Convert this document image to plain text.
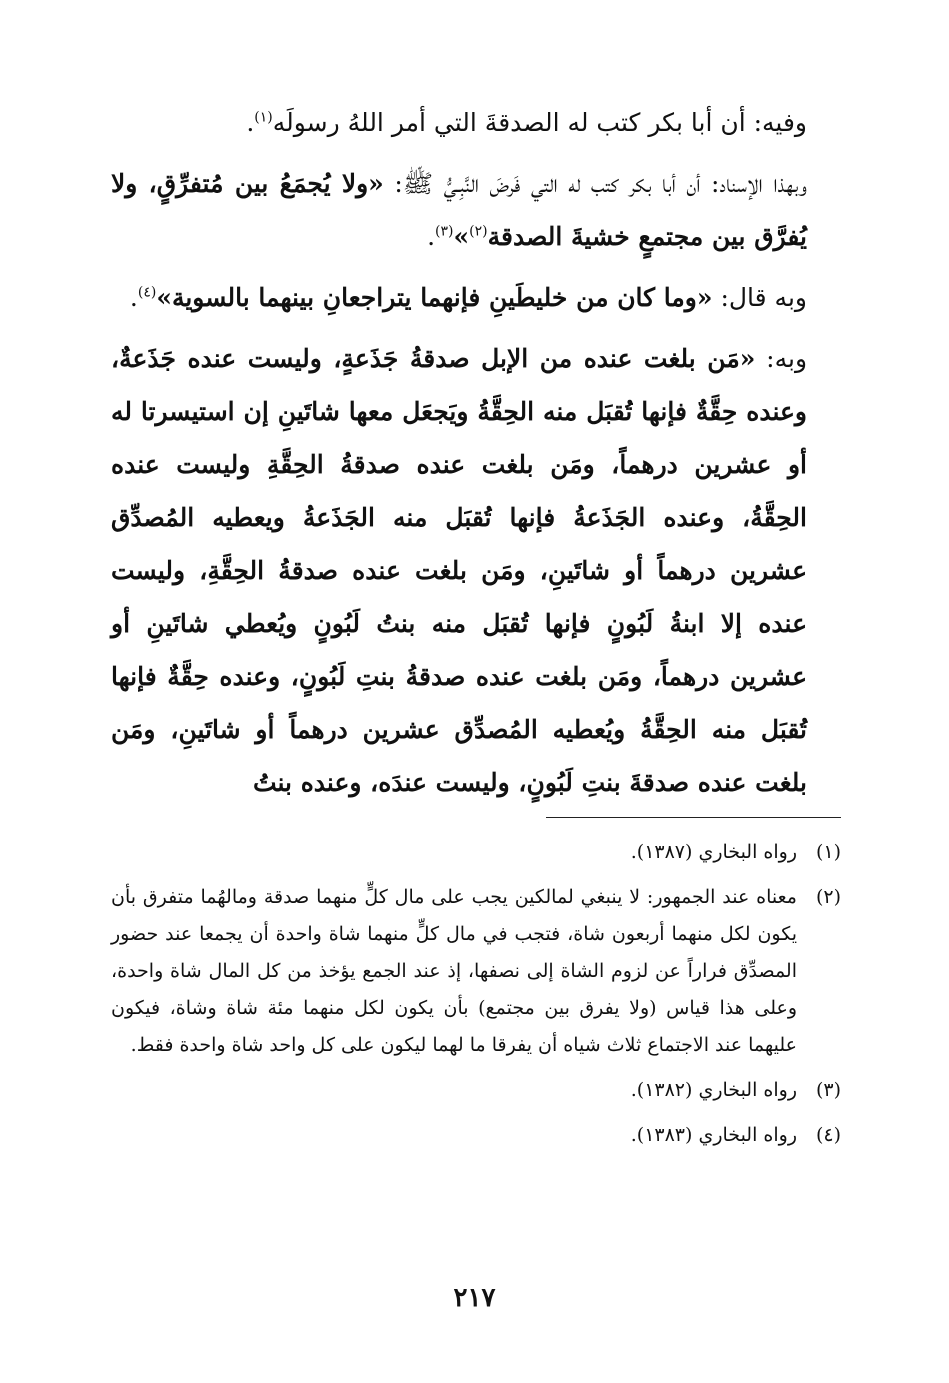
وفيه: أن أبا بكر كتب له الصدقةَ التي أمر اللهُ رسولَه$^{(١)}$.

وبهذا الإسناد: أن أبا بكر كتب له التي فَرضَ النَّبِـيُّ ﷺ: «ولا يُجمَعُ بين مُتفرِّقٍ، ولا يُفرَّق بين مجتمعٍ خشيةَ الصدقة$^{(٢)}$»$^{(٣)}$.

وبه قال: «وما كان من خليطَينِ فإنهما يتراجعانِ بينهما بالسوية»$^{(٤)}$.

وبه: «مَن بلغت عنده من الإبل صدقةُ جَذَعةٍ، وليست عنده جَذَعةٌ، وعنده حِقَّةٌ فإنها تُقبَل منه الحِقَّةُ ويَجعَل معها شاتَينِ إن استيسرتا له أو عشرين درهماً، ومَن بلغت عنده صدقةُ الحِقَّةِ وليست عنده الحِقَّةُ، وعنده الجَذَعةُ فإنها تُقبَل منه الجَذَعةُ ويعطيه المُصدِّق عشرين درهماً أو شاتَينِ، ومَن بلغت عنده صدقةُ الحِقَّةِ، وليست عنده إلا ابنةُ لَبُونٍ فإنها تُقبَل منه بنتُ لَبُونٍ ويُعطي شاتَينِ أو عشرين درهماً، ومَن بلغت عنده صدقةُ بنتِ لَبُونٍ، وعنده حِقَّةٌ فإنها تُقبَل منه الحِقَّةُ ويُعطيه المُصدِّق عشرين درهماً أو شاتَينِ، ومَن بلغت عنده صدقةَ بنتِ لَبُونٍ، وليست عندَه، وعنده بنتُ

(١)
رواه البخاري (١٣٨٧).
(٢)
معناه عند الجمهور: لا ينبغي لمالكين يجب على مال كلٍّ منهما صدقة ومالهُما متفرق بأن يكون لكل منهما أربعون شاة، فتجب في مال كلٍّ منهما شاة واحدة أن يجمعا عند حضور المصدِّق فراراً عن لزوم الشاة إلى نصفها، إذ عند الجمع يؤخذ من كل المال شاة واحدة، وعلى هذا قياس (ولا يفرق بين مجتمع) بأن يكون لكل منهما مئة شاة وشاة، فيكون عليهما عند الاجتماع ثلاث شياه أن يفرقا ما لهما ليكون على كل واحد شاة واحدة فقط.
(٣)
رواه البخاري (١٣٨٢).
(٤)
رواه البخاري (١٣٨٣).
٢١٧
